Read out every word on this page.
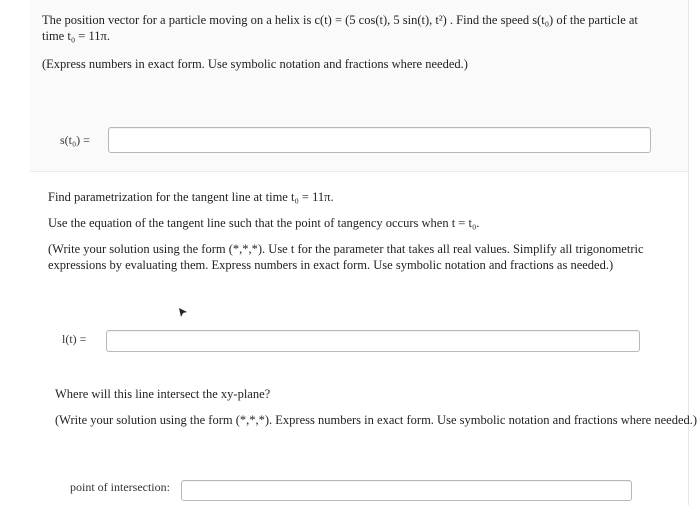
The position vector for a particle moving on a helix is c(t) = (5 cos(t), 5 sin(t), t²) . Find the speed s(t₀) of the particle at
time t₀ = 11π.
(Express numbers in exact form. Use symbolic notation and fractions where needed.)
s(t₀) =
Find parametrization for the tangent line at time t₀ = 11π.
Use the equation of the tangent line such that the point of tangency occurs when t = t₀.
(Write your solution using the form (*,*,*). Use t for the parameter that takes all real values. Simplify all trigonometric expressions by evaluating them. Express numbers in exact form. Use symbolic notation and fractions as needed.)
l(t) =
Where will this line intersect the xy-plane?
(Write your solution using the form (*,*,*). Express numbers in exact form. Use symbolic notation and fractions where needed.)
point of intersection:
